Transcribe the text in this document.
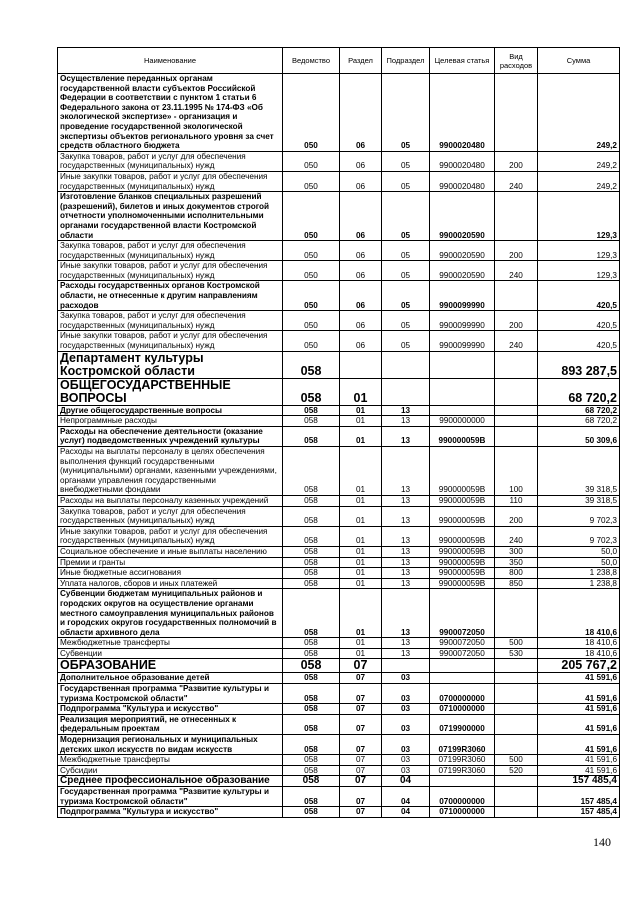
Наименование	Ведомство	Раздел	Подраздел	Целевая статья	Вид расходов	Сумма
Осуществление переданных органам государственной власти субъектов Российской Федерации в соответствии с пунктом 1 статьи 6 Федерального закона от 23.11.1995 № 174-ФЗ «Об экологической экспертизе» - организация и проведение государственной экологической экспертизы объектов регионального уровня за счет средств областного бюджета	050	06	05	9900020480		249,2
Закупка товаров, работ и услуг для обеспечения государственных (муниципальных) нужд	050	06	05	9900020480	200	249,2
Иные закупки товаров, работ и услуг для обеспечения государственных (муниципальных) нужд	050	06	05	9900020480	240	249,2
Изготовление бланков специальных разрешений (разрешений), билетов и иных документов строгой отчетности уполномоченными исполнительными органами государственной власти Костромской области	050	06	05	9900020590		129,3
Закупка товаров, работ и услуг для обеспечения государственных (муниципальных) нужд	050	06	05	9900020590	200	129,3
Иные закупки товаров, работ и услуг для обеспечения государственных (муниципальных) нужд	050	06	05	9900020590	240	129,3
Расходы государственных органов Костромской области, не отнесенные к другим направлениям расходов	050	06	05	9900099990		420,5
Закупка товаров, работ и услуг для обеспечения государственных (муниципальных) нужд	050	06	05	9900099990	200	420,5
Иные закупки товаров, работ и услуг для обеспечения государственных (муниципальных) нужд	050	06	05	9900099990	240	420,5
Департамент культуры Костромской области	058					893 287,5
ОБЩЕГОСУДАРСТВЕННЫЕ ВОПРОСЫ	058	01				68 720,2
Другие общегосударственные вопросы	058	01	13			68 720,2
Непрограммные расходы	058	01	13	9900000000		68 720,2
Расходы на обеспечение деятельности (оказание услуг) подведомственных учреждений культуры	058	01	13	990000059В		50 309,6
Расходы на выплаты персоналу в целях обеспечения выполнения функций государственными (муниципальными) органами, казенными учреждениями, органами управления государственными внебюджетными фондами	058	01	13	990000059В	100	39 318,5
Расходы на выплаты персоналу казенных учреждений	058	01	13	990000059В	110	39 318,5
Закупка товаров, работ и услуг для обеспечения государственных (муниципальных) нужд	058	01	13	990000059В	200	9 702,3
Иные закупки товаров, работ и услуг для обеспечения государственных (муниципальных) нужд	058	01	13	990000059В	240	9 702,3
Социальное обеспечение и иные выплаты населению	058	01	13	990000059В	300	50,0
Премии и гранты	058	01	13	990000059В	350	50,0
Иные бюджетные ассигнования	058	01	13	990000059В	800	1 238,8
Уплата налогов, сборов и иных платежей	058	01	13	990000059В	850	1 238,8
Субвенции бюджетам муниципальных районов и городских округов на осуществление органами местного самоуправления муниципальных районов и городских округов государственных полномочий в области архивного дела	058	01	13	9900072050		18 410,6
Межбюджетные трансферты	058	01	13	9900072050	500	18 410,6
Субвенции	058	01	13	9900072050	530	18 410,6
ОБРАЗОВАНИЕ	058	07				205 767,2
Дополнительное образование детей	058	07	03			41 591,6
Государственная программа "Развитие культуры и туризма Костромской области"	058	07	03	0700000000		41 591,6
Подпрограмма "Культура и искусство"	058	07	03	0710000000		41 591,6
Реализация мероприятий, не отнесенных к федеральным проектам	058	07	03	0719900000		41 591,6
Модернизация региональных и муниципальных детских школ искусств по видам искусств	058	07	03	07199R3060		41 591,6
Межбюджетные трансферты	058	07	03	07199R3060	500	41 591,6
Субсидии	058	07	03	07199R3060	520	41 591,6
Среднее профессиональное образование	058	07	04			157 485,4
Государственная программа "Развитие культуры и туризма Костромской области"	058	07	04	0700000000		157 485,4
Подпрограмма "Культура и искусство"	058	07	04	0710000000		157 485,4
140
